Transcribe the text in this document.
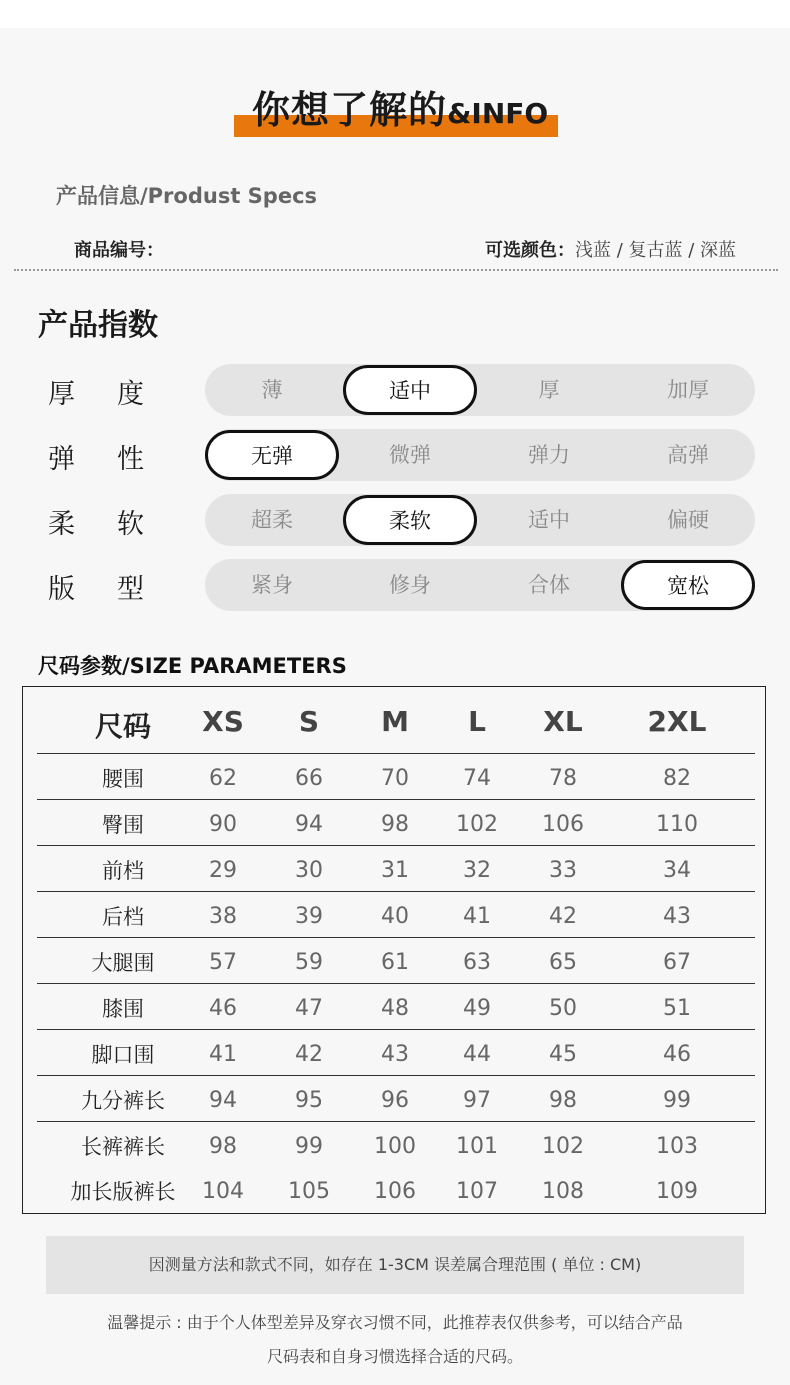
你想了解的&INFO
产品信息/Produst Specs
商品编号：	可选颜色：浅蓝 / 复古蓝 / 深蓝
产品指数
厚 度	薄	适中	厚	加厚
弹 性	无弹	微弹	弹力	高弹
柔 软	超柔	柔软	适中	偏硬
版 型	紧身	修身	合体	宽松
尺码参数/SIZE PARAMETERS
尺码	XS	S	M	L	XL	2XL
腰围	62	66	70	74	78	82
臀围	90	94	98	102	106	110
前档	29	30	31	32	33	34
后档	38	39	40	41	42	43
大腿围	57	59	61	63	65	67
膝围	46	47	48	49	50	51
脚口围	41	42	43	44	45	46
九分裤长	94	95	96	97	98	99
长裤裤长	98	99	100	101	102	103
加长版裤长	104	105	106	107	108	109
因测量方法和款式不同，如存在 1-3CM 误差属合理范围 ( 单位 : CM)
温馨提示 : 由于个人体型差异及穿衣习惯不同，此推荐表仅供参考，可以结合产品
尺码表和自身习惯选择合适的尺码。
